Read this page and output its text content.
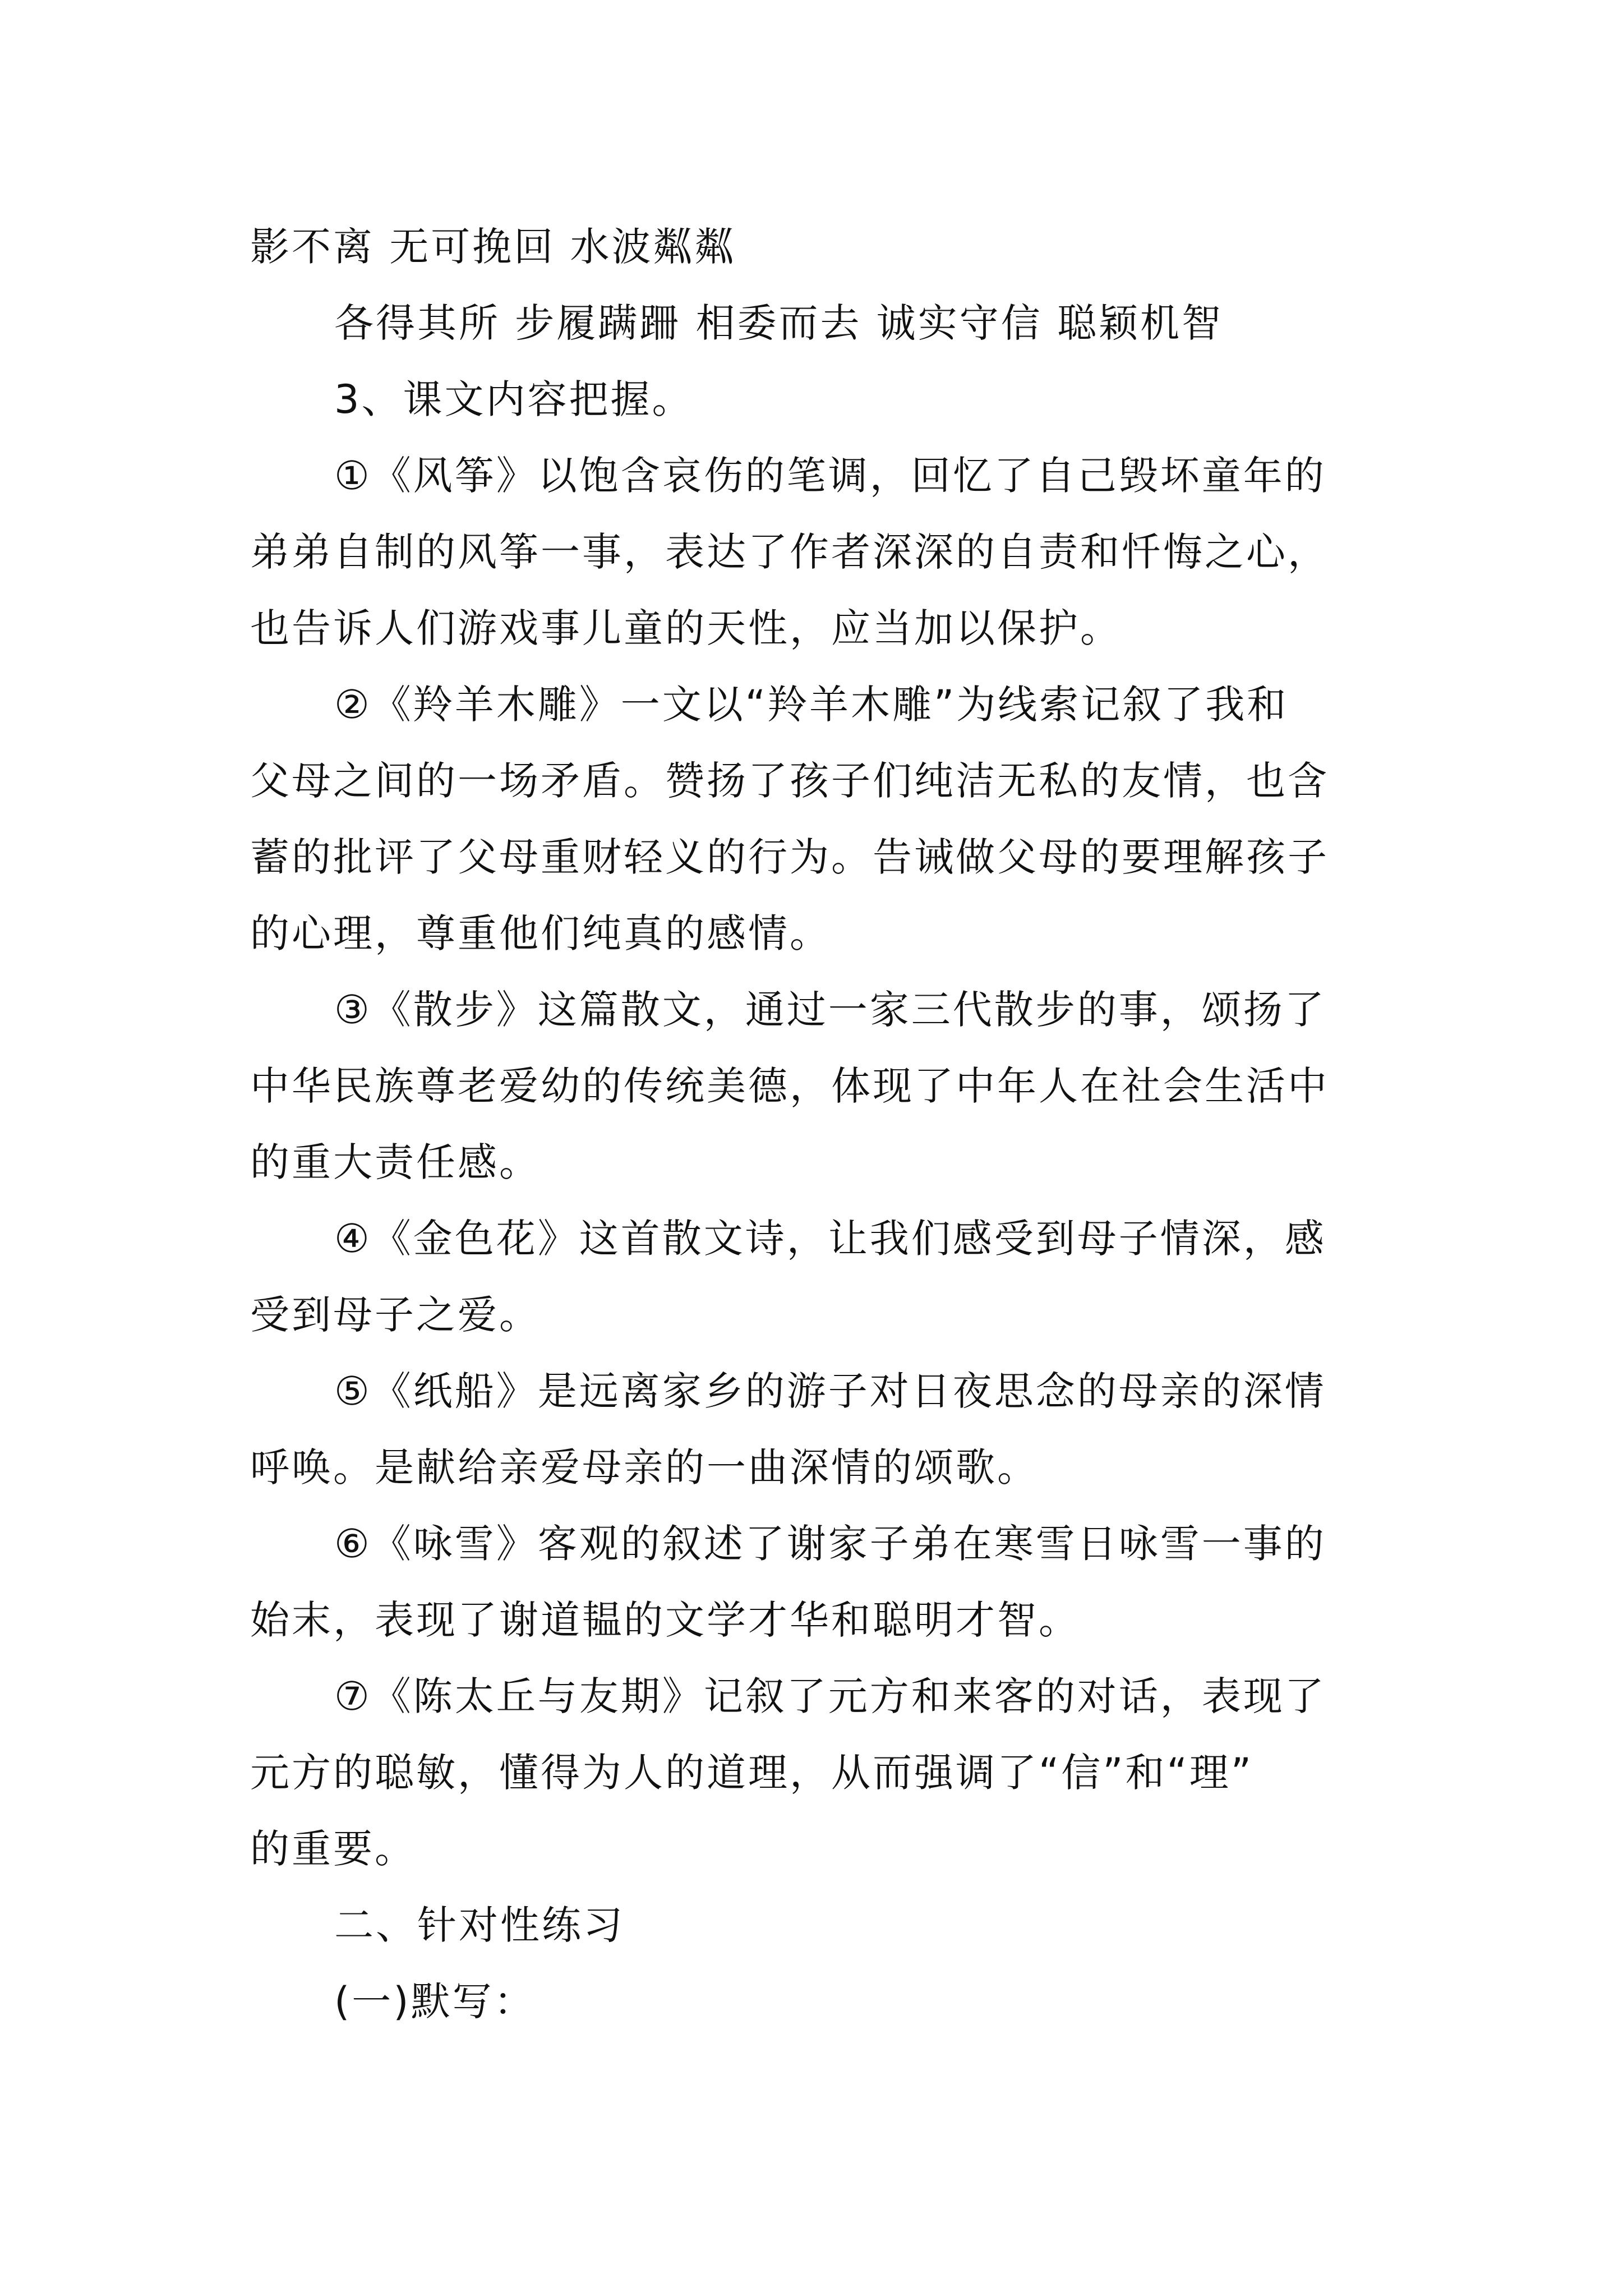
影不离 无可挽回 水波粼粼
各得其所 步履蹒跚 相委而去 诚实守信 聪颖机智
3、课文内容把握。
①《风筝》以饱含哀伤的笔调，回忆了自己毁坏童年的
弟弟自制的风筝一事，表达了作者深深的自责和忏悔之心，
也告诉人们游戏事儿童的天性，应当加以保护。
②《羚羊木雕》一文以“羚羊木雕”为线索记叙了我和
父母之间的一场矛盾。赞扬了孩子们纯洁无私的友情，也含
蓄的批评了父母重财轻义的行为。告诫做父母的要理解孩子
的心理，尊重他们纯真的感情。
③《散步》这篇散文，通过一家三代散步的事，颂扬了
中华民族尊老爱幼的传统美德，体现了中年人在社会生活中
的重大责任感。
④《金色花》这首散文诗，让我们感受到母子情深，感
受到母子之爱。
⑤《纸船》是远离家乡的游子对日夜思念的母亲的深情
呼唤。是献给亲爱母亲的一曲深情的颂歌。
⑥《咏雪》客观的叙述了谢家子弟在寒雪日咏雪一事的
始末，表现了谢道韫的文学才华和聪明才智。
⑦《陈太丘与友期》记叙了元方和来客的对话，表现了
元方的聪敏，懂得为人的道理，从而强调了“信”和“理”
的重要。
二、针对性练习
(一)默写：
